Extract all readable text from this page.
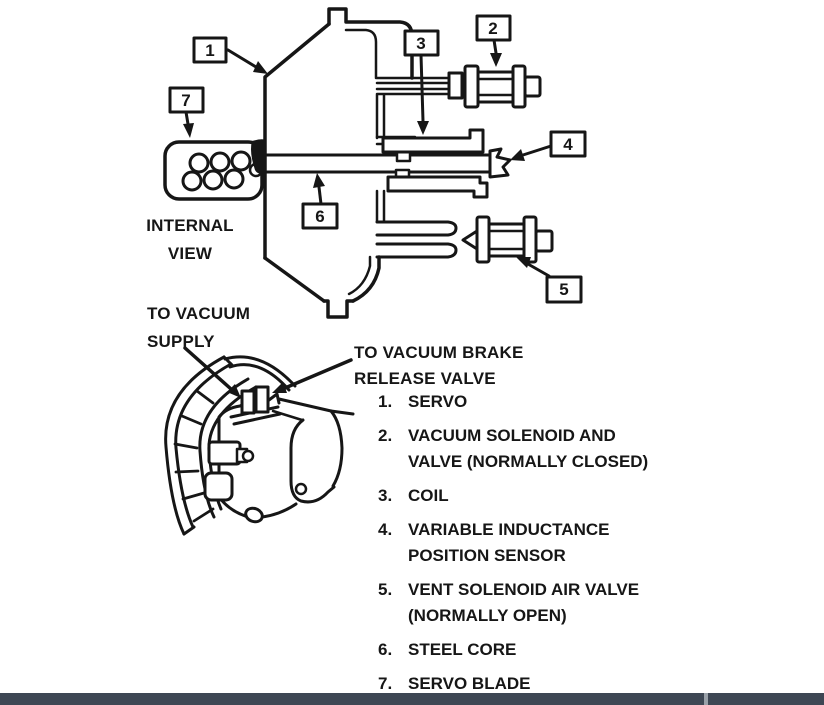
1
2
3
4
5
6
7
INTERNAL
VIEW
TO VACUUM
SUPPLY
TO VACUUM BRAKE
RELEASE VALVE
1. SERVO
2. VACUUM SOLENOID AND
VALVE (NORMALLY CLOSED)
3. COIL
4. VARIABLE INDUCTANCE
POSITION SENSOR
5. VENT SOLENOID AIR VALVE
(NORMALLY OPEN)
6. STEEL CORE
7. SERVO BLADE
